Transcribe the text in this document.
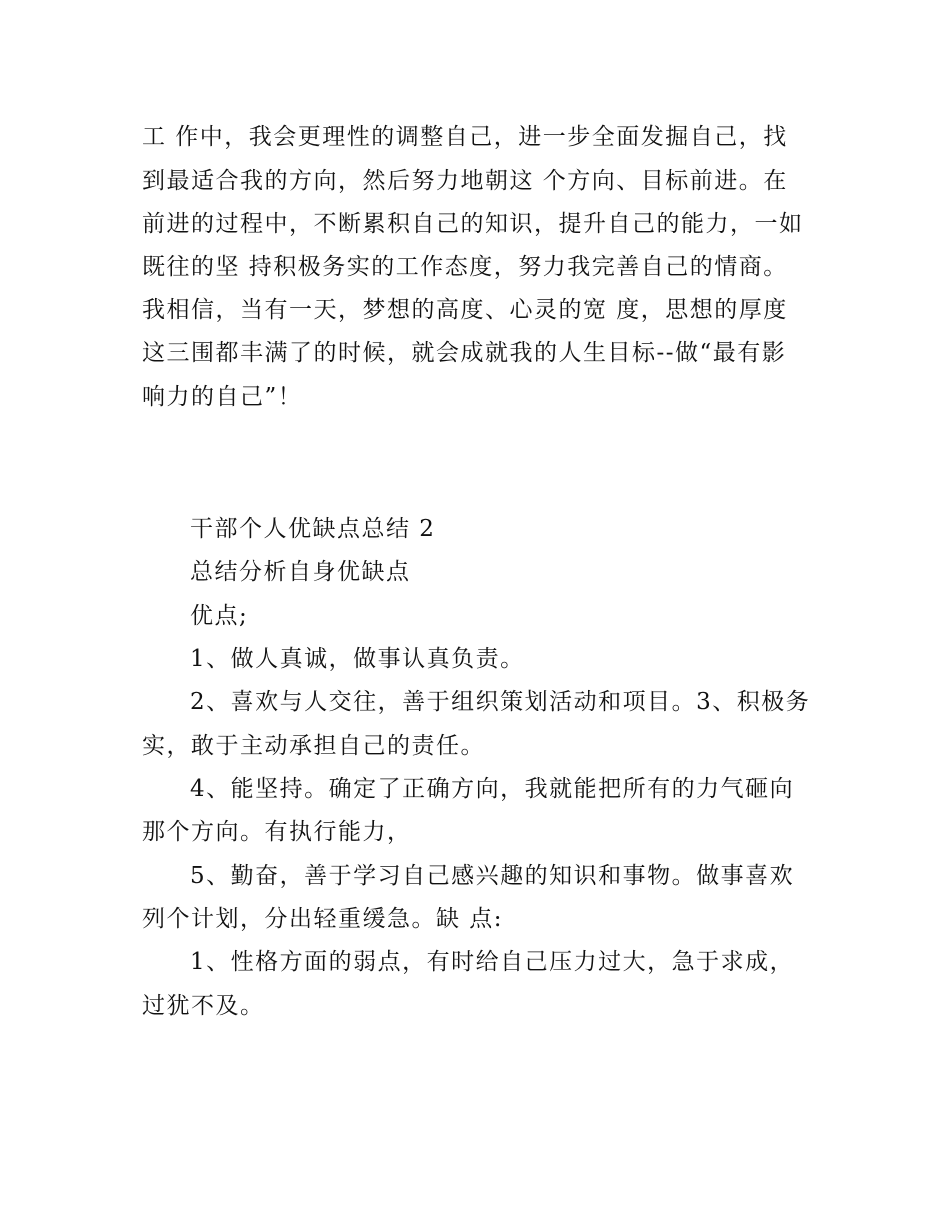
工 作中，我会更理性的调整自己，进一步全面发掘自己，找
到最适合我的方向，然后努力地朝这 个方向、目标前进。在
前进的过程中，不断累积自己的知识，提升自己的能力，一如
既往的坚 持积极务实的工作态度，努力我完善自己的情商。
我相信，当有一天，梦想的高度、心灵的宽 度，思想的厚度
这三围都丰满了的时候，就会成就我的人生目标--做“最有影
响力的自己”！
干部个人优缺点总结 2
总结分析自身优缺点
优点;
1、做人真诚，做事认真负责。
2、喜欢与人交往，善于组织策划活动和项目。3、积极务
实，敢于主动承担自己的责任。
4、能坚持。确定了正确方向，我就能把所有的力气砸向
那个方向。有执行能力，
5、勤奋，善于学习自己感兴趣的知识和事物。做事喜欢
列个计划，分出轻重缓急。缺 点:
1、性格方面的弱点，有时给自己压力过大，急于求成，
过犹不及。
